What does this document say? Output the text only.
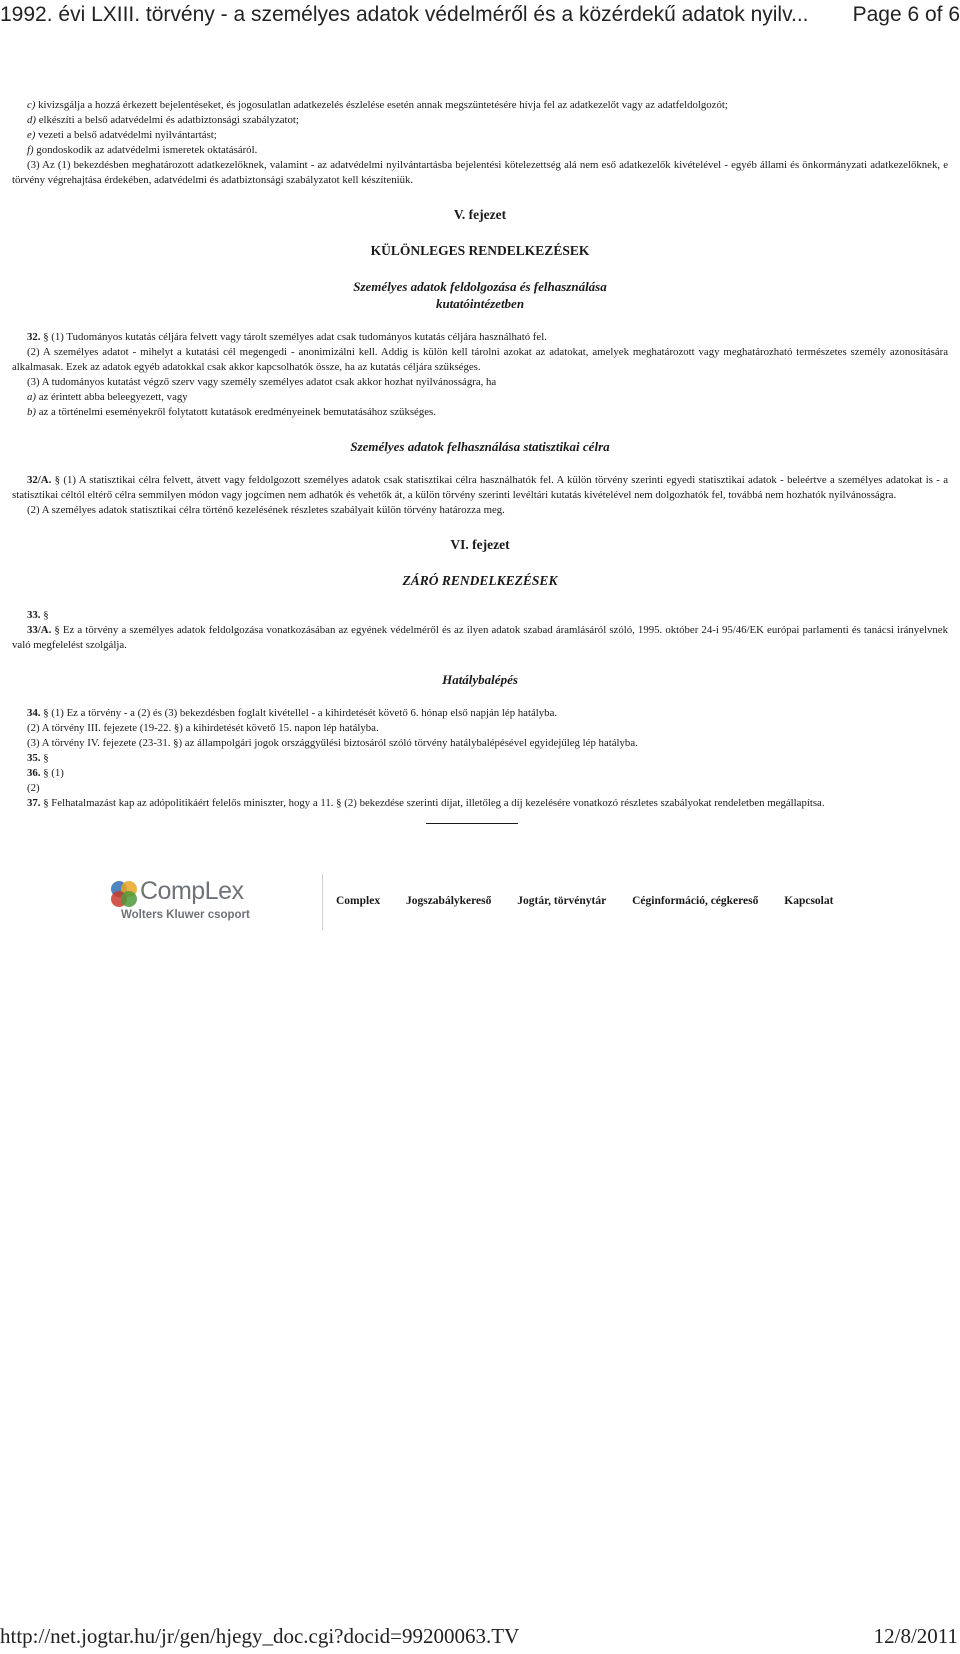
1992. évi LXIII. törvény - a személyes adatok védelméről és a közérdekű adatok nyilv... Page 6 of 6

c) kivizsgálja a hozzá érkezett bejelentéseket, és jogosulatlan adatkezelés észlelése esetén annak megszüntetésére hívja fel az adatkezelőt vagy az adatfeldolgozót;

d) elkészíti a belső adatvédelmi és adatbiztonsági szabályzatot;

e) vezeti a belső adatvédelmi nyilvántartást;

f) gondoskodik az adatvédelmi ismeretek oktatásáról.

(3) Az (1) bekezdésben meghatározott adatkezelőknek, valamint - az adatvédelmi nyilvántartásba bejelentési kötelezettség alá nem eső adatkezelők kivételével - egyéb állami és önkormányzati adatkezelőknek, e törvény végrehajtása érdekében, adatvédelmi és adatbiztonsági szabályzatot kell készíteniük.

V. fejezet
KÜLÖNLEGES RENDELKEZÉSEK
Személyes adatok feldolgozása és felhasználása
kutatóintézetben

32. § (1) Tudományos kutatás céljára felvett vagy tárolt személyes adat csak tudományos kutatás céljára használható fel.

(2) A személyes adatot - mihelyt a kutatási cél megengedi - anonimizálni kell. Addig is külön kell tárolni azokat az adatokat, amelyek meghatározott vagy meghatározható természetes személy azonosítására alkalmasak. Ezek az adatok egyéb adatokkal csak akkor kapcsolhatók össze, ha az kutatás céljára szükséges.

(3) A tudományos kutatást végző szerv vagy személy személyes adatot csak akkor hozhat nyilvánosságra, ha

a) az érintett abba beleegyezett, vagy

b) az a történelmi eseményekről folytatott kutatások eredményeinek bemutatásához szükséges.

Személyes adatok felhasználása statisztikai célra

32/A. § (1) A statisztikai célra felvett, átvett vagy feldolgozott személyes adatok csak statisztikai célra használhatók fel. A külön törvény szerinti egyedi statisztikai adatok - beleértve a személyes adatokat is - a statisztikai céltól eltérő célra semmilyen módon vagy jogcímen nem adhatók és vehetők át, a külön törvény szerinti levéltári kutatás kivételével nem dolgozhatók fel, továbbá nem hozhatók nyilvánosságra.

(2) A személyes adatok statisztikai célra történő kezelésének részletes szabályait külön törvény határozza meg.

VI. fejezet
ZÁRÓ RENDELKEZÉSEK

33. §

33/A. § Ez a törvény a személyes adatok feldolgozása vonatkozásában az egyének védelméről és az ilyen adatok szabad áramlásáról szóló, 1995. október 24-i 95/46/EK európai parlamenti és tanácsi irányelvnek való megfelelést szolgálja.

Hatálybalépés

34. § (1) Ez a törvény - a (2) és (3) bekezdésben foglalt kivétellel - a kihirdetését követő 6. hónap első napján lép hatályba.

(2) A törvény III. fejezete (19-22. §) a kihirdetését követő 15. napon lép hatályba.

(3) A törvény IV. fejezete (23-31. §) az állampolgári jogok országgyűlési biztosáról szóló törvény hatálybalépésével egyidejűleg lép hatályba.

35. §

36. § (1)

(2)

37. § Felhatalmazást kap az adópolitikáért felelős miniszter, hogy a 11. § (2) bekezdése szerinti díjat, illetőleg a díj kezelésére vonatkozó részletes szabályokat rendeletben megállapítsa.

CompLex
Wolters Kluwer csoport
Complex Jogszabálykereső Jogtár, törvénytár Céginformáció, cégkereső Kapcsolat
http://net.jogtar.hu/jr/gen/hjegy_doc.cgi?docid=99200063.TV	12/8/2011
